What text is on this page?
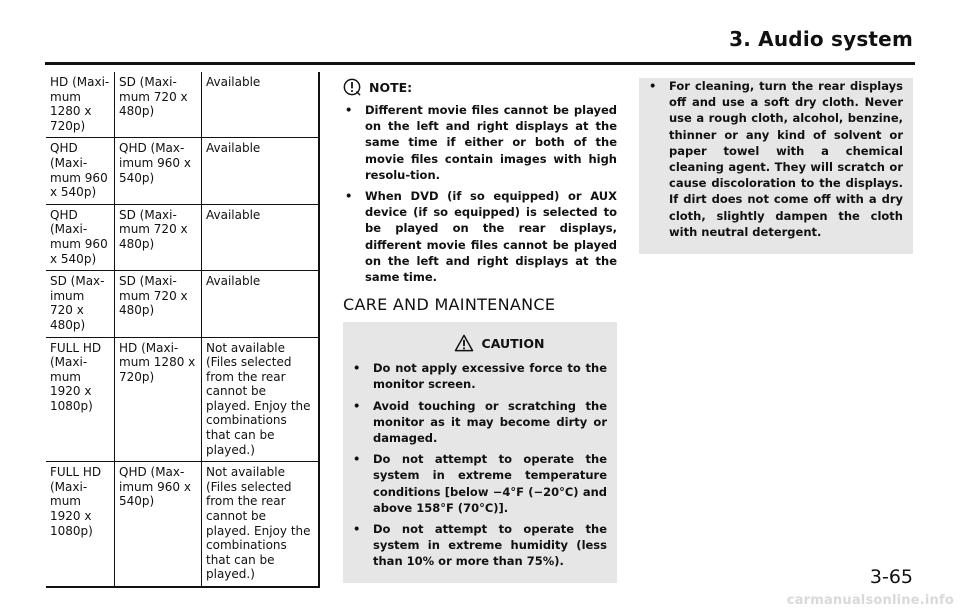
3. Audio system
HD (Maxi-mum 1280 x 720p)	SD (Maxi-mum 720 x 480p)	Available
QHD (Maxi-mum 960 x 540p)	QHD (Max-imum 960 x 540p)	Available
QHD (Maxi-mum 960 x 540p)	SD (Maxi-mum 720 x 480p)	Available
SD (Max-imum 720 x 480p)	SD (Maxi-mum 720 x 480p)	Available
FULL HD (Maxi-mum 1920 x 1080p)	HD (Maxi-mum 1280 x 720p)	Not available (Files selected from the rear cannot be played. Enjoy the combinations that can be played.)
FULL HD (Maxi-mum 1920 x 1080p)	QHD (Max-imum 960 x 540p)	Not available (Files selected from the rear cannot be played. Enjoy the combinations that can be played.)
NOTE:
• Different movie files cannot be played on the left and right displays at the same time if either or both of the movie files contain images with high resolu-tion.
• When DVD (if so equipped) or AUX device (if so equipped) is selected to be played on the rear displays, different movie files cannot be played on the left and right displays at the same time.
CARE AND MAINTENANCE
CAUTION
• Do not apply excessive force to the monitor screen.
• Avoid touching or scratching the monitor as it may become dirty or damaged.
• Do not attempt to operate the system in extreme temperature conditions [below −4°F (−20°C) and above 158°F (70°C)].
• Do not attempt to operate the system in extreme humidity (less than 10% or more than 75%).
• For cleaning, turn the rear displays off and use a soft dry cloth. Never use a rough cloth, alcohol, benzine, thinner or any kind of solvent or paper towel with a chemical cleaning agent. They will scratch or cause discoloration to the displays. If dirt does not come off with a dry cloth, slightly dampen the cloth with neutral detergent.
3-65
carmanualsonline.info
